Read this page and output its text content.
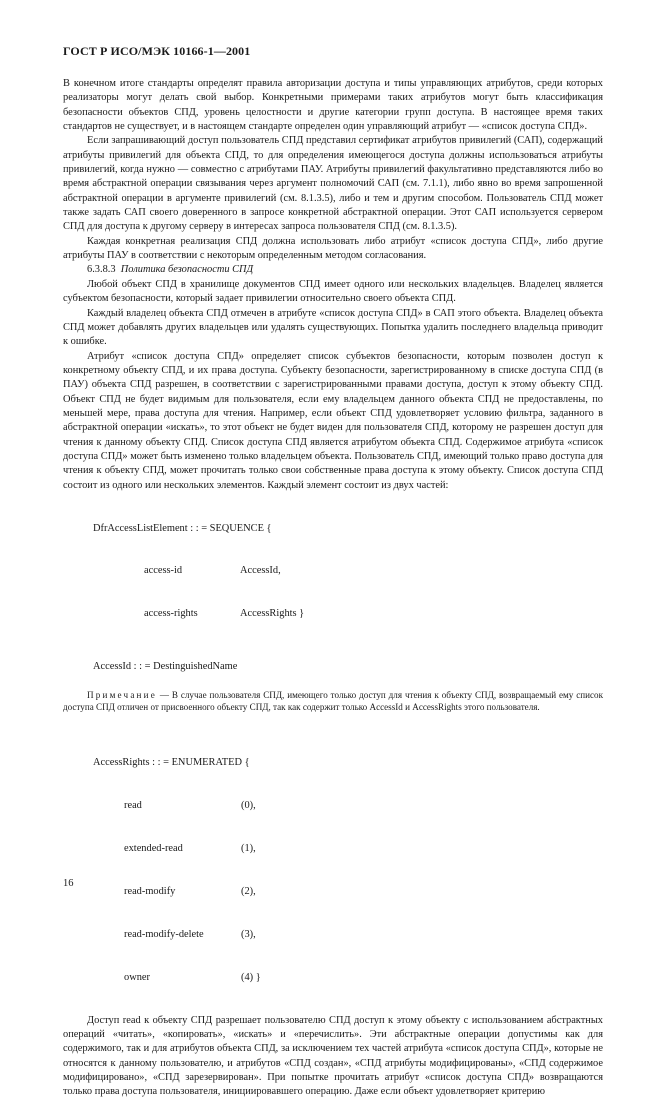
ГОСТ Р ИСО/МЭК 10166-1—2001

В конечном итоге стандарты определят правила авторизации доступа и типы управляющих атрибутов, среди которых реализаторы могут делать свой выбор. Конкретными примерами таких атрибутов могут быть классификация безопасности объектов СПД, уровень целостности и другие категории групп доступа. В настоящее время таких стандартов не существует, и в настоящем стандарте определен один управляющий атрибут — «список доступа СПД».

Если запрашивающий доступ пользователь СПД представил сертификат атрибутов привилегий (САП), содержащий атрибуты привилегий для объекта СПД, то для определения имеющегося доступа должны использоваться атрибуты привилегий, когда нужно — совместно с атрибутами ПАУ. Атрибуты привилегий факультативно представляются либо во время абстрактной операции связывания через аргумент полномочий САП (см. 7.1.1), либо явно во время запрошенной абстрактной операции в аргументе привилегий (см. 8.1.3.5), либо и тем и другим способом. Пользователь СПД может также задать САП своего доверенного в запросе конкретной абстрактной операции. Этот САП используется сервером СПД для доступа к другому серверу в интересах запроса пользователя СПД (см. 8.1.3.5).

Каждая конкретная реализация СПД должна использовать либо атрибут «список доступа СПД», либо другие атрибуты ПАУ в соответствии с некоторым определенным методом согласования.

6.3.8.3 Политика безопасности СПД

Любой объект СПД в хранилище документов СПД имеет одного или нескольких владельцев. Владелец является субъектом безопасности, который задает привилегии относительно своего объекта СПД.

Каждый владелец объекта СПД отмечен в атрибуте «список доступа СПД» в САП этого объекта. Владелец объекта СПД может добавлять других владельцев или удалять существующих. Попытка удалить последнего владельца приводит к ошибке.

Атрибут «список доступа СПД» определяет список субъектов безопасности, которым позволен доступ к конкретному объекту СПД, и их права доступа. Субъекту безопасности, зарегистрированному в списке доступа СПД (в ПАУ) объекта СПД разрешен, в соответствии с зарегистрированными правами доступа, доступ к этому объекту СПД. Объект СПД не будет видимым для пользователя, если ему владельцем данного объекта СПД не предоставлены, по меньшей мере, права доступа для чтения. Например, если объект СПД удовлетворяет условию фильтра, заданного в абстрактной операции «искать», то этот объект не будет виден для пользователя СПД, которому не разрешен доступ для чтения к данному объекту СПД. Список доступа СПД является атрибутом объекта СПД. Содержимое атрибута «список доступа СПД» может быть изменено только владельцем объекта. Пользователь СПД, имеющий только право доступа для чтения к объекту СПД, может прочитать только свои собственные права доступа к этому объекту. Список доступа СПД состоит из одного или нескольких элементов. Каждый элемент состоит из двух частей:

DfrAccessListElement : : = SEQUENCE {

access-id	AccessId,

access-rights	AccessRights }

AccessId : : = DestinguishedName
Примечание — В случае пользователя СПД, имеющего только доступ для чтения к объекту СПД, возвращаемый ему список доступа СПД отличен от присвоенного объекту СПД, так как содержит только AccessId и AccessRights этого пользователя.

AccessRights : : = ENUMERATED {

read	(0),

extended-read	(1),

read-modify	(2),

read-modify-delete	(3),

owner	(4) }

Доступ read к объекту СПД разрешает пользователю СПД доступ к этому объекту с использованием абстрактных операций «читать», «копировать», «искать» и «перечислить». Эти абстрактные операции допустимы как для содержимого, так и для атрибутов объекта СПД, за исключением тех частей атрибута «список доступа СПД», которые не относятся к данному пользователю, и атрибутов «СПД создан», «СПД атрибуты модифицированы», «СПД содержимое модифицировано», «СПД зарезервирован». При попытке прочитать атрибут «список доступа СПД» возвращаются только права доступа пользователя, инициировавшего операцию. Даже если объект удовлетворяет критерию

16
